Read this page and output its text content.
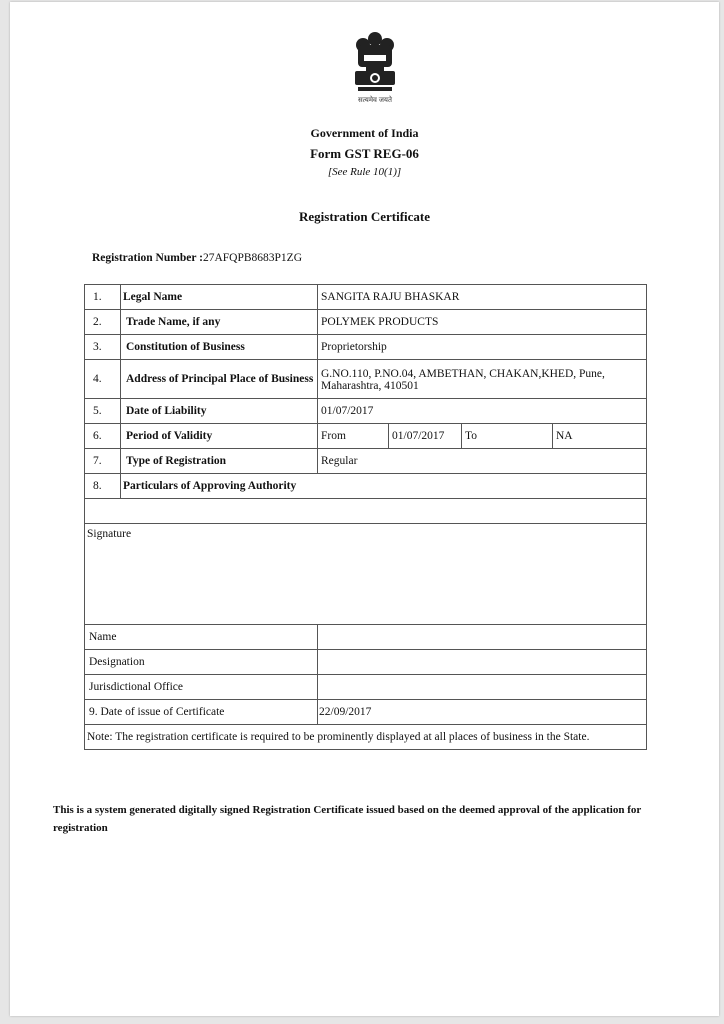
सत्यमेव जयते
Government of India
Form GST REG-06
[See Rule 10(1)]
Registration Certificate
Registration Number :27AFQPB8683P1ZG
1.	Legal Name	SANGITA RAJU BHASKAR			
2.	Trade Name, if any	POLYMEK PRODUCTS			
3.	Constitution of Business	Proprietorship			
4.	Address of Principal Place of Business	G.NO.110, P.NO.04, AMBETHAN, CHAKAN,KHED, Pune, Maharashtra, 410501			
5.	Date of Liability	01/07/2017			
6.	Period of Validity	From	01/07/2017	To	NA
7.	Type of Registration	Regular			
8.	Particulars of Approving Authority				

Signature					
Name					
Designation					
Jurisdictional Office					
9. Date of issue of Certificate		22/09/2017			
Note: The registration certificate is required to be prominently displayed at all places of business in the State.					
This is a system generated digitally signed Registration Certificate issued based on the deemed approval of the application for registration
